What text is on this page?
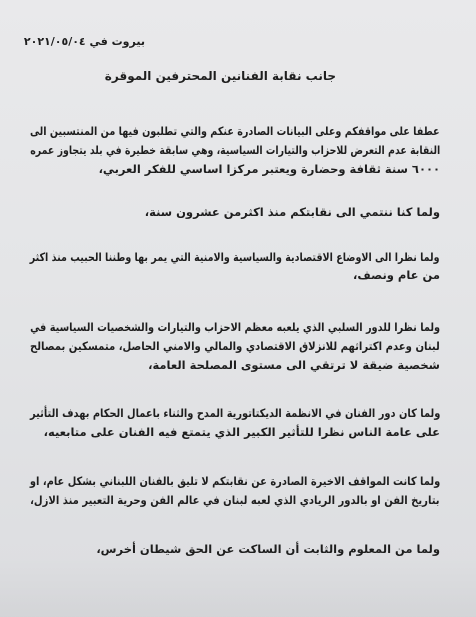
بيروت في ٢٠٢١/٠٥/٠٤
جانب نقابة الفنانين المحترفين الموقرة
عطفا على مواقفكم وعلى البيانات الصادرة عنكم والتي تطلبون فيها من المنتسبين الى
النقابة عدم التعرض للاحزاب والتيارات السياسية، وهي سابقة خطيرة في بلد يتجاوز عمره
٦٠٠٠ سنة ثقافة وحضارة ويعتبر مركزا اساسي للفكر العربي،
ولما كنا ننتمي الى نقابتكم منذ اكثرمن عشرون سنة،
ولما نظرا الى الاوضاع الاقتصادية والسياسية والامنية التي يمر بها وطننا الحبيب منذ اكثر
من عام ونصف،
ولما نظرا للدور السلبي الذي يلعبه معظم الاحزاب والتيارات والشخصيات السياسية في
لبنان وعدم اكتراثهم للانزلاق الاقتصادي والمالي والامني الحاصل، متمسكين بمصالح
شخصية ضيقة لا ترتقي الى مستوى المصلحة العامة،
ولما كان دور الفنان في الانظمة الديكتاتورية المدح والثناء باعمال الحكام بهدف التأثير
على عامة الناس نظرا للتأثير الكبير الذي يتمتع فيه الفنان على متابعيه،
ولما كانت المواقف الاخيرة الصادرة عن نقابتكم لا تليق بالفنان اللبناني بشكل عام، او
بتاريخ الفن او بالدور الريادي الذي لعبه لبنان في عالم الفن وحرية التعبير منذ الازل،
ولما من المعلوم والثابت أن الساكت عن الحق شيطان أخرس،
